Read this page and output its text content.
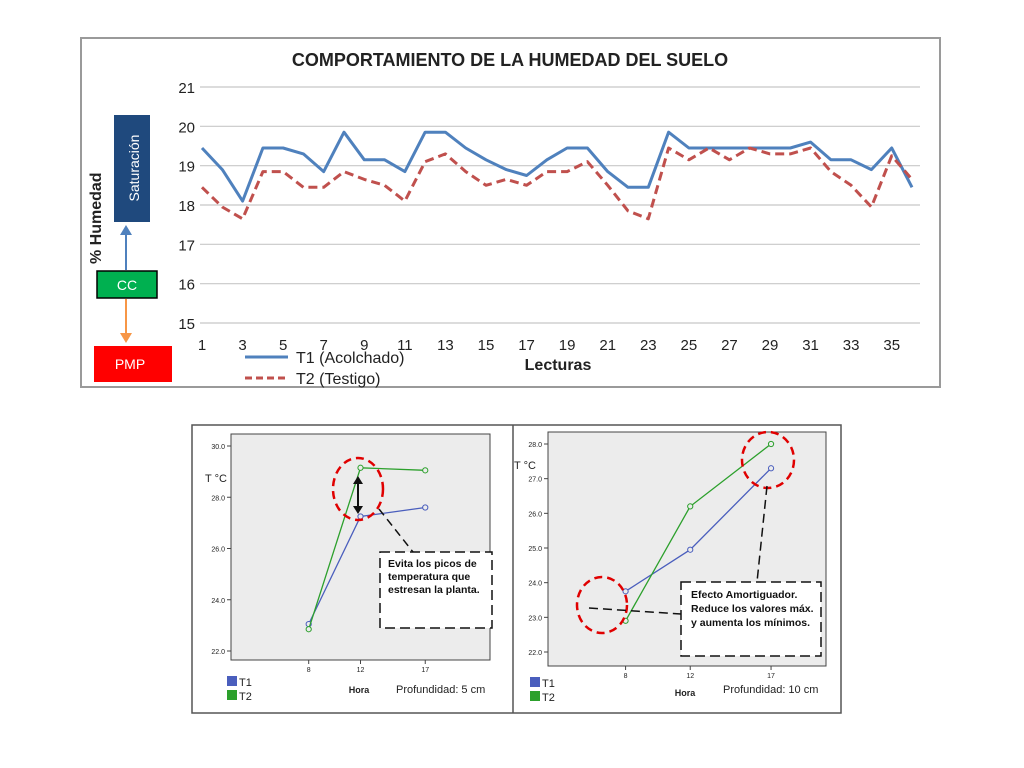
COMPORTAMIENTO DE LA HUMEDAD DEL SUELO
15
16
17
18
19
20
21
1 3 5 7 9 11 13 15 17 19 21 23 25 27 29 31 33 35
% Humedad
Saturación
CC
PMP	T1 (Acolchado)
T2 (Testigo)
Lecturas
22.0
24.0
26.0
28.0
30.0
8	12	17
T °C
Evita los picos de temperatura que estresan la planta.
T1
T2
Hora Profundidad: 5 cm
22.0
23.0
24.0
25.0
26.0
27.0
28.0
8	12	17
T °C
Efecto Amortiguador. Reduce los valores máx. y aumenta los mínimos.
T1
T2	Hora	Profundidad: 10 cm
